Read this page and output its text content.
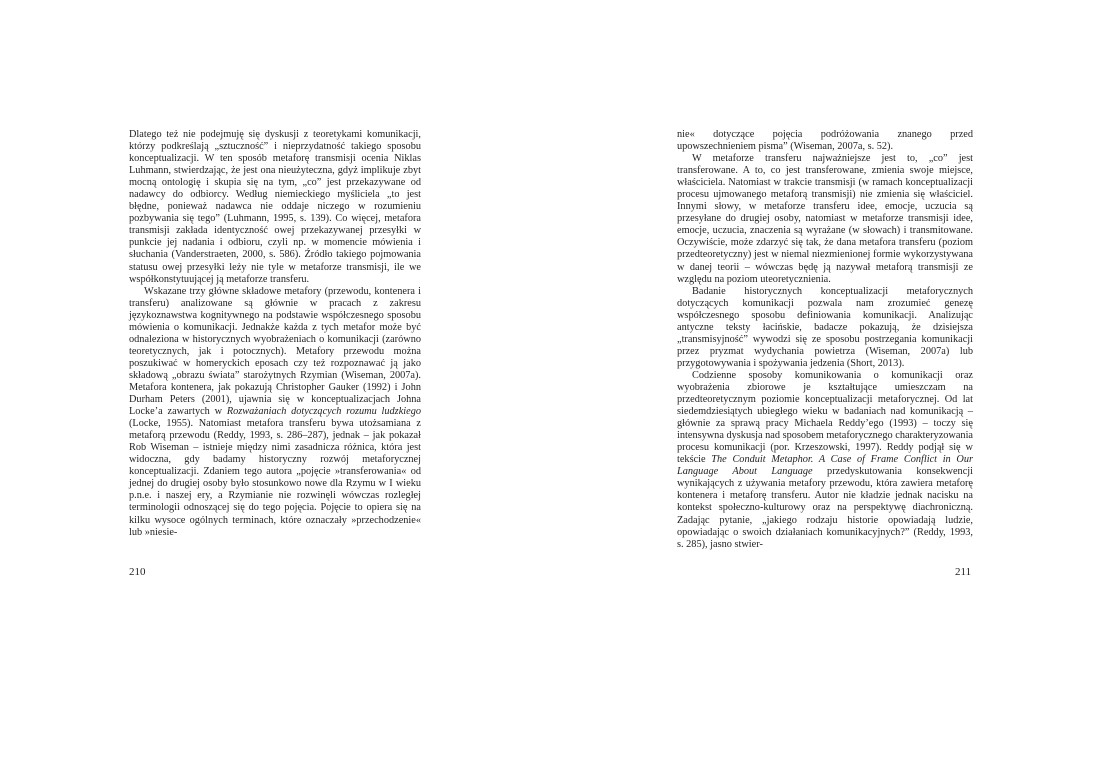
Dlatego też nie podejmuję się dyskusji z teoretykami komunikacji, którzy podkreślają „sztuczność” i nieprzydatność takiego sposobu konceptualizacji. W ten sposób metaforę transmisji ocenia Niklas Luhmann, stwierdzając, że jest ona nieużyteczna, gdyż implikuje zbyt mocną ontologię i skupia się na tym, „co” jest przekazywane od nadawcy do odbiorcy. Według niemieckiego myśliciela „to jest błędne, ponieważ nadawca nie oddaje niczego w rozumieniu pozbywania się tego” (Luhmann, 1995, s. 139). Co więcej, metafora transmisji zakłada identyczność owej przekazywanej przesyłki w punkcie jej nadania i odbioru, czyli np. w momencie mówienia i słuchania (Vanderstraeten, 2000, s. 586). Źródło takiego pojmowania statusu owej przesyłki leży nie tyle w metaforze transmisji, ile we współkonstytuującej ją metaforze transferu.

Wskazane trzy główne składowe metafory (przewodu, kontenera i transferu) analizowane są głównie w pracach z zakresu językoznawstwa kognitywnego na podstawie współczesnego sposobu mówienia o komunikacji. Jednakże każda z tych metafor może być odnaleziona w historycznych wyobrażeniach o komunikacji (zarówno teoretycznych, jak i potocznych). Metafory przewodu można poszukiwać w homeryckich eposach czy też rozpoznawać ją jako składową „obrazu świata” starożytnych Rzymian (Wiseman, 2007a). Metafora kontenera, jak pokazują Christopher Gauker (1992) i John Durham Peters (2001), ujawnia się w konceptualizacjach Johna Locke’a zawartych w Rozważaniach dotyczących rozumu ludzkiego (Locke, 1955). Natomiast metafora transferu bywa utożsamiana z metaforą przewodu (Reddy, 1993, s. 286–287), jednak – jak pokazał Rob Wiseman – istnieje między nimi zasadnicza różnica, która jest widoczna, gdy badamy historyczny rozwój metaforycznej konceptualizacji. Zdaniem tego autora „pojęcie »transferowania« od jednej do drugiej osoby było stosunkowo nowe dla Rzymu w I wieku p.n.e. i naszej ery, a Rzymianie nie rozwinęli wówczas rozległej terminologii odnoszącej się do tego pojęcia. Pojęcie to opiera się na kilku wysoce ogólnych terminach, które oznaczały »przechodzenie« lub »niesie-

210

nie« dotyczące pojęcia podróżowania znanego przed upowszechnieniem pisma” (Wiseman, 2007a, s. 52).

W metaforze transferu najważniejsze jest to, „co” jest transferowane. A to, co jest transferowane, zmienia swoje miejsce, właściciela. Natomiast w trakcie transmisji (w ramach konceptualizacji procesu ujmowanego metaforą transmisji) nie zmienia się właściciel. Innymi słowy, w metaforze transferu idee, emocje, uczucia są przesyłane do drugiej osoby, natomiast w metaforze transmisji idee, emocje, uczucia, znaczenia są wyrażane (w słowach) i transmitowane. Oczywiście, może zdarzyć się tak, że dana metafora transferu (poziom przedteoretyczny) jest w niemal niezmienionej formie wykorzystywana w danej teorii – wówczas będę ją nazywał metaforą transmisji ze względu na poziom uteoretycznienia.

Badanie historycznych konceptualizacji metaforycznych dotyczących komunikacji pozwala nam zrozumieć genezę współczesnego sposobu definiowania komunikacji. Analizując antyczne teksty łacińskie, badacze pokazują, że dzisiejsza „transmisyjność” wywodzi się ze sposobu postrzegania komunikacji przez pryzmat wydychania powietrza (Wiseman, 2007a) lub przygotowywania i spożywania jedzenia (Short, 2013).

Codzienne sposoby komunikowania o komunikacji oraz wyobrażenia zbiorowe je kształtujące umieszczam na przedteoretycznym poziomie konceptualizacji metaforycznej. Od lat siedemdziesiątych ubiegłego wieku w badaniach nad komunikacją – głównie za sprawą pracy Michaela Reddy’ego (1993) – toczy się intensywna dyskusja nad sposobem metaforycznego charakteryzowania procesu komunikacji (por. Krzeszowski, 1997). Reddy podjął się w tekście The Conduit Metaphor. A Case of Frame Conflict in Our Language About Language przedyskutowania konsekwencji wynikających z używania metafory przewodu, która zawiera metaforę kontenera i metaforę transferu. Autor nie kładzie jednak nacisku na kontekst społeczno-kulturowy oraz na perspektywę diachroniczną. Zadając pytanie, „jakiego rodzaju historie opowiadają ludzie, opowiadając o swoich działaniach komunikacyjnych?” (Reddy, 1993, s. 285), jasno stwier-

211
